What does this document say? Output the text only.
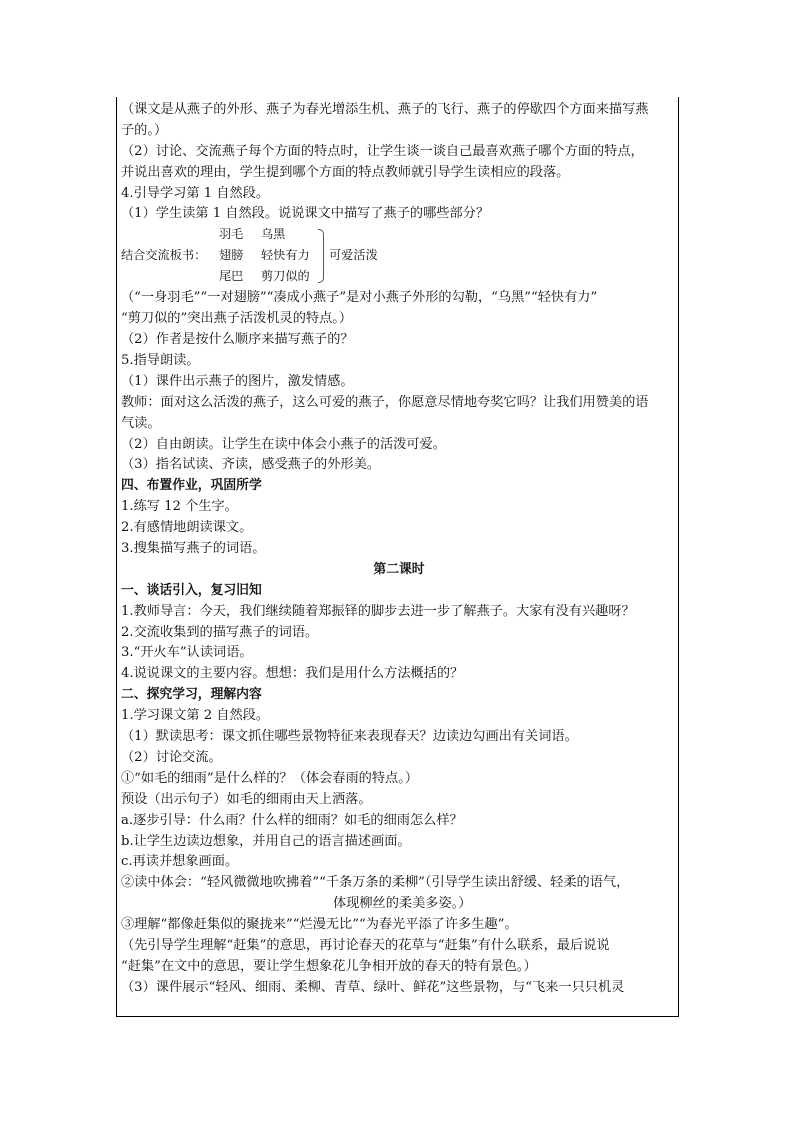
（课文是从燕子的外形、燕子为春光增添生机、燕子的飞行、燕子的停歇四个方面来描写燕
子的。）
（2）讨论、交流燕子每个方面的特点时，让学生谈一谈自己最喜欢燕子哪个方面的特点，
并说出喜欢的理由，学生提到哪个方面的特点教师就引导学生读相应的段落。
4.引导学习第 1 自然段。
（1）学生读第 1 自然段。说说课文中描写了燕子的哪些部分？
结合交流板书：
羽毛 乌黑
翅膀 轻快有力
尾巴 剪刀似的
可爱活泼
（“一身羽毛”“一对翅膀”“凑成小燕子”是对小燕子外形的勾勒，“乌黑”“轻快有力”
“剪刀似的”突出燕子活泼机灵的特点。）
（2）作者是按什么顺序来描写燕子的？
5.指导朗读。
（1）课件出示燕子的图片，激发情感。
教师：面对这么活泼的燕子，这么可爱的燕子，你愿意尽情地夸奖它吗？让我们用赞美的语
气读。
（2）自由朗读。让学生在读中体会小燕子的活泼可爱。
（3）指名试读、齐读，感受燕子的外形美。
四、布置作业，巩固所学
1.练写 12 个生字。
2.有感情地朗读课文。
3.搜集描写燕子的词语。
第二课时
一、谈话引入，复习旧知
1.教师导言：今天，我们继续随着郑振铎的脚步去进一步了解燕子。大家有没有兴趣呀？
2.交流收集到的描写燕子的词语。
3.“开火车”认读词语。
4.说说课文的主要内容。想想：我们是用什么方法概括的？
二、探究学习，理解内容
1.学习课文第 2 自然段。
（1）默读思考：课文抓住哪些景物特征来表现春天？边读边勾画出有关词语。
（2）讨论交流。
①“如毛的细雨”是什么样的？（体会春雨的特点。）
预设（出示句子）如毛的细雨由天上洒落。
a.逐步引导：什么雨？什么样的细雨？如毛的细雨怎么样？
b.让学生边读边想象，并用自己的语言描述画面。
c.再读并想象画面。
②读中体会：“轻风微微地吹拂着”“千条万条的柔柳”（引导学生读出舒缓、轻柔的语气，
体现柳丝的柔美多姿。）
③理解“都像赶集似的聚拢来”“烂漫无比”“为春光平添了许多生趣”。
（先引导学生理解“赶集”的意思，再讨论春天的花草与“赶集”有什么联系，最后说说
“赶集”在文中的意思，要让学生想象花儿争相开放的春天的特有景色。）
（3）课件展示“轻风、细雨、柔柳、青草、绿叶、鲜花”这些景物，与“飞来一只只机灵
